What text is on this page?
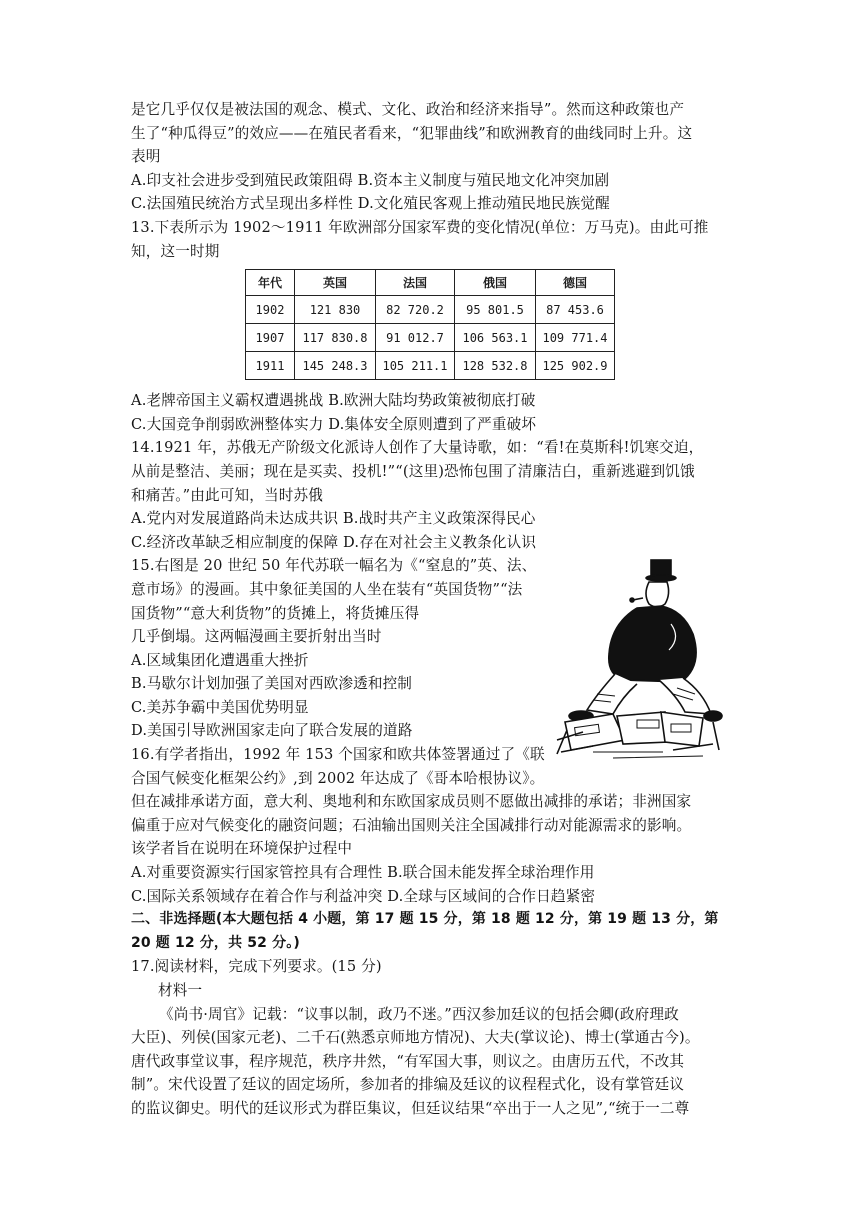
是它几乎仅仅是被法国的观念、模式、文化、政治和经济来指导”。然而这种政策也产
生了“种瓜得豆”的效应——在殖民者看来，“犯罪曲线”和欧洲教育的曲线同时上升。这
表明
A.印支社会进步受到殖民政策阻碍 B.资本主义制度与殖民地文化冲突加剧
C.法国殖民统治方式呈现出多样性 D.文化殖民客观上推动殖民地民族觉醒
13.下表所示为 1902～1911 年欧洲部分国家军费的变化情况(单位：万马克)。由此可推
知，这一时期
年代	英国	法国	俄国	德国
1902	121 830	82 720.2	95 801.5	87 453.6
1907	117 830.8	91 012.7	106 563.1	109 771.4
1911	145 248.3	105 211.1	128 532.8	125 902.9
A.老牌帝国主义霸权遭遇挑战 B.欧洲大陆均势政策被彻底打破
C.大国竞争削弱欧洲整体实力 D.集体安全原则遭到了严重破坏
14.1921 年，苏俄无产阶级文化派诗人创作了大量诗歌，如：“看!在莫斯科!饥寒交迫，
从前是整洁、美丽；现在是买卖、投机!”“(这里)恐怖包围了清廉洁白，重新逃避到饥饿
和痛苦。”由此可知，当时苏俄
A.党内对发展道路尚未达成共识 B.战时共产主义政策深得民心
C.经济改革缺乏相应制度的保障 D.存在对社会主义教条化认识
15.右图是 20 世纪 50 年代苏联一幅名为《“窒息的”英、法、
意市场》的漫画。其中象征美国的人坐在装有“英国货物”“法
国货物”“意大利货物”的货摊上，将货摊压得
几乎倒塌。这两幅漫画主要折射出当时
A.区域集团化遭遇重大挫折
B.马歇尔计划加强了美国对西欧渗透和控制
C.美苏争霸中美国优势明显
D.美国引导欧洲国家走向了联合发展的道路
16.有学者指出，1992 年 153 个国家和欧共体签署通过了《联
合国气候变化框架公约》,到 2002 年达成了《哥本哈根协议》。
但在减排承诺方面，意大利、奥地利和东欧国家成员则不愿做出减排的承诺；非洲国家
偏重于应对气候变化的融资问题；石油输出国则关注全国减排行动对能源需求的影响。
该学者旨在说明在环境保护过程中
A.对重要资源实行国家管控具有合理性 B.联合国未能发挥全球治理作用
C.国际关系领域存在着合作与利益冲突 D.全球与区域间的合作日趋紧密
二、非选择题(本大题包括 4 小题，第 17 题 15 分，第 18 题 12 分，第 19 题 13 分，第
20 题 12 分，共 52 分。)
17.阅读材料，完成下列要求。(15 分)
材料一
《尚书·周官》记载：“议事以制，政乃不迷。”西汉参加廷议的包括会卿(政府理政
大臣)、列侯(国家元老)、二千石(熟悉京师地方情况)、大夫(掌议论)、博士(掌通古今)。
唐代政事堂议事，程序规范，秩序井然，“有军国大事，则议之。由唐历五代，不改其
制”。宋代设置了廷议的固定场所，参加者的排编及廷议的议程程式化，设有掌管廷议
的监议御史。明代的廷议形式为群臣集议，但廷议结果“卒出于一人之见”,“统于一二尊
